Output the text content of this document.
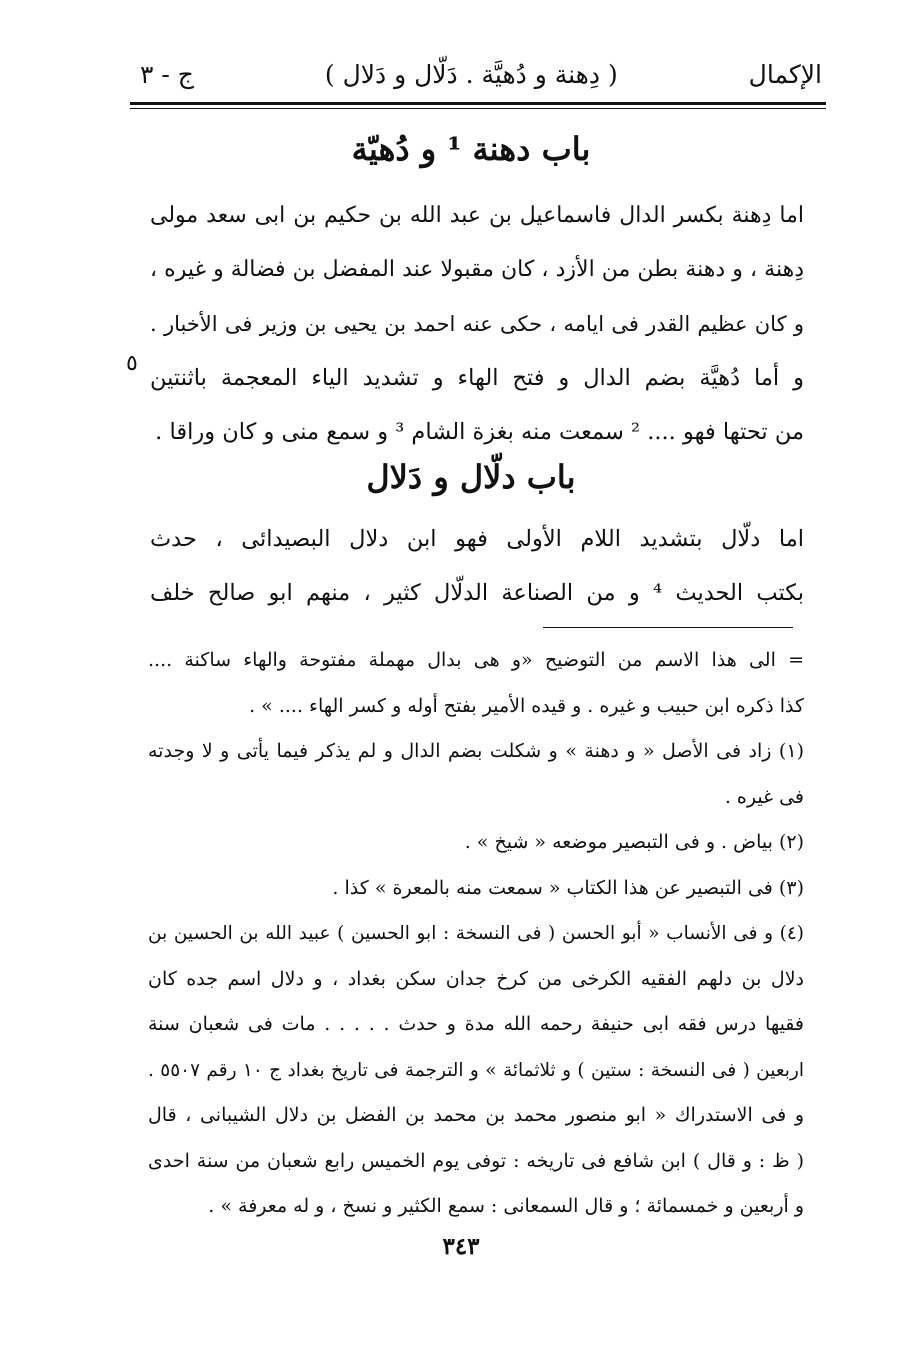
الإكمال
( دِهنة و دُهيَّة . دَلّال و دَلال )
ج - ٣
باب دهنة ¹ و دُهيّة
اما دِهنة بكسر الدال فاسماعيل بن عبد الله بن حكيم بن ابى سعد مولى
دِهنة ، و دهنة بطن من الأزد ، كان مقبولا عند المفضل بن فضالة و غيره ،
و كان عظيم القدر فى ايامه ، حكى عنه احمد بن يحيى بن وزير فى الأخبار .
و أما دُهيَّة بضم الدال و فتح الهاء و تشديد الياء المعجمة باثنتين
من تحتها فهو .... ² سمعت منه بغزة الشام ³ و سمع منى و كان وراقا .
٥
باب دلّال و دَلال
اما دلّال بتشديد اللام الأولى فهو ابن دلال البصيدائى ، حدث
بكتب الحديث ⁴ و من الصناعة الدلّال كثير ، منهم ابو صالح خلف
= الى هذا الاسم من التوضيح «و هى بدال مهملة مفتوحة والهاء ساكنة ....
كذا ذكره ابن حبيب و غيره . و قيده الأمير بفتح أوله و كسر الهاء .... » .
(١) زاد فى الأصل « و دهنة » و شكلت بضم الدال و لم يذكر فيما يأتى و لا وجدته
فى غيره .
(٢) بياض . و فى التبصير موضعه « شيخ » .
(٣) فى التبصير عن هذا الكتاب « سمعت منه بالمعرة » كذا .
(٤) و فى الأنساب « أبو الحسن ( فى النسخة : ابو الحسين ) عبيد الله بن الحسين بن
دلال بن دلهم الفقيه الكرخى من كرخ جدان سكن بغداد ، و دلال اسم جده كان
فقيها درس فقه ابى حنيفة رحمه الله مدة و حدث . . . . . مات فى شعبان سنة
اربعين ( فى النسخة : ستين ) و ثلاثمائة » و الترجمة فى تاريخ بغداد ج ١٠ رقم ٥٥٠٧ .
و فى الاستدراك « ابو منصور محمد بن محمد بن الفضل بن دلال الشيبانى ، قال
( ظ : و قال ) ابن شافع فى تاريخه : توفى يوم الخميس رابع شعبان من سنة احدى
و أربعين و خمسمائة ؛ و قال السمعانى : سمع الكثير و نسخ ، و له معرفة » .
٣٤٣
